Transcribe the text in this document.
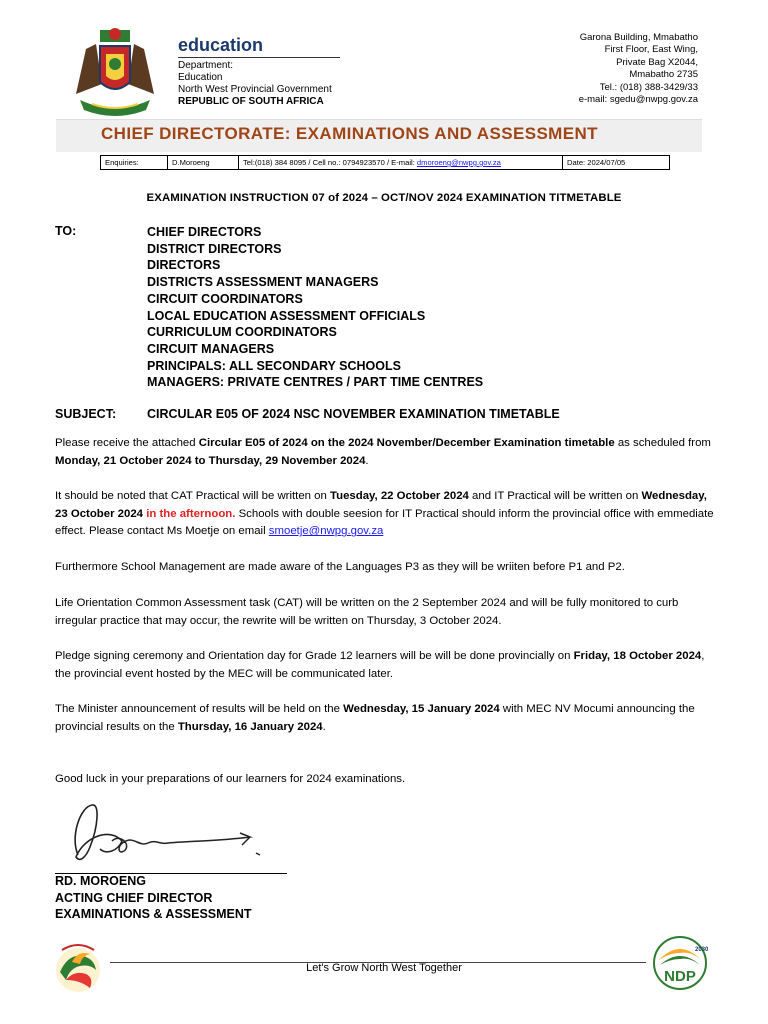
education
Department:
Education
North West Provincial Government
REPUBLIC OF SOUTH AFRICA
Garona Building, Mmabatho
First Floor, East Wing,
Private Bag X2044,
Mmabatho 2735
Tel.: (018) 388-3429/33
e-mail: sgedu@nwpg.gov.za
CHIEF DIRECTORATE: EXAMINATIONS AND ASSESSMENT
Enquiries:	D.Moroeng	Tel:(018) 384 8095 / Cell no.: 0794923570 / E-mail: dmoroeng@nwpg.gov.za	Date: 2024/07/05
EXAMINATION INSTRUCTION 07 of 2024 – OCT/NOV 2024 EXAMINATION TITMETABLE
TO:	CHIEF DIRECTORS
DISTRICT DIRECTORS
DIRECTORS
DISTRICTS ASSESSMENT MANAGERS
CIRCUIT COORDINATORS
LOCAL EDUCATION ASSESSMENT OFFICIALS
CURRICULUM COORDINATORS
CIRCUIT MANAGERS
PRINCIPALS: ALL SECONDARY SCHOOLS
MANAGERS: PRIVATE CENTRES / PART TIME CENTRES
SUBJECT: CIRCULAR E05 OF 2024 NSC NOVEMBER EXAMINATION TIMETABLE

Please receive the attached Circular E05 of 2024 on the 2024 November/December Examination timetable as scheduled from Monday, 21 October 2024 to Thursday, 29 November 2024.

It should be noted that CAT Practical will be written on Tuesday, 22 October 2024 and IT Practical will be written on Wednesday, 23 October 2024 in the afternoon. Schools with double seesion for IT Practical should inform the provincial office with emmediate effect. Please contact Ms Moetje on email smoetje@nwpg.gov.za

Furthermore School Management are made aware of the Languages P3 as they will be wriiten before P1 and P2.

Life Orientation Common Assessment task (CAT) will be written on the 2 September 2024 and will be fully monitored to curb irregular practice that may occur, the rewrite will be written on Thursday, 3 October 2024.

Pledge signing ceremony and Orientation day for Grade 12 learners will be will be done provincially on Friday, 18 October 2024, the provincial event hosted by the MEC will be communicated later.

The Minister announcement of results will be held on the Wednesday, 15 January 2024 with MEC NV Mocumi announcing the provincial results on the Thursday, 16 January 2024.

Good luck in your preparations of our learners for 2024 examinations.

RD. MOROENG
ACTING CHIEF DIRECTOR
EXAMINATIONS & ASSESSMENT
Let's Grow North West Together
2030
NDP
